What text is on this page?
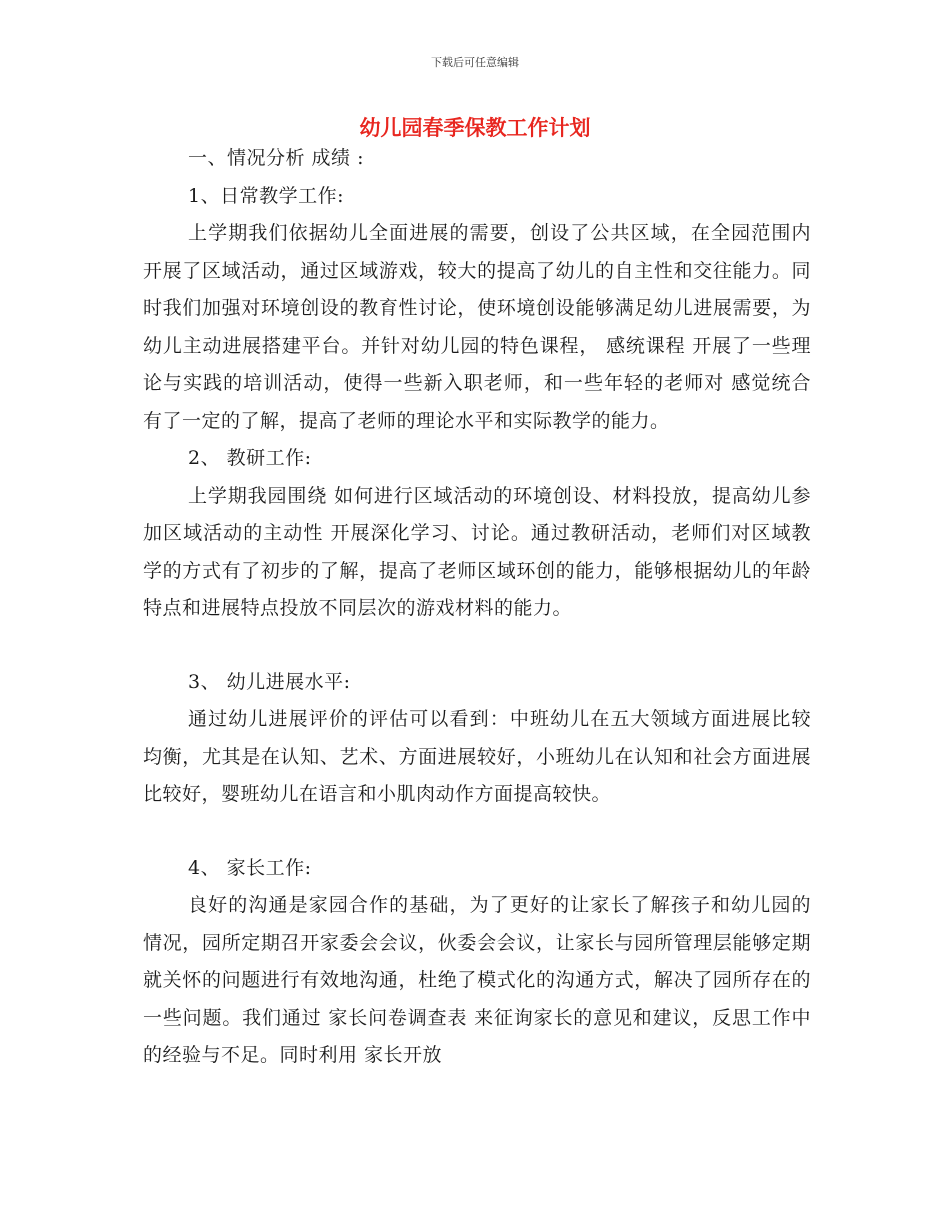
下载后可任意编辑
幼儿园春季保教工作计划

一、情况分析 成绩 :

1、日常教学工作:

上学期我们依据幼儿全面进展的需要，创设了公共区域，在全园范围内开展了区域活动，通过区域游戏，较大的提高了幼儿的自主性和交往能力。同时我们加强对环境创设的教育性讨论，使环境创设能够满足幼儿进展需要，为幼儿主动进展搭建平台。并针对幼儿园的特色课程， 感统课程 开展了一些理论与实践的培训活动，使得一些新入职老师，和一些年轻的老师对 感觉统合 有了一定的了解，提高了老师的理论水平和实际教学的能力。

2、 教研工作:

上学期我园围绕 如何进行区域活动的环境创设、材料投放，提高幼儿参加区域活动的主动性 开展深化学习、讨论。通过教研活动，老师们对区域教学的方式有了初步的了解，提高了老师区域环创的能力，能够根据幼儿的年龄特点和进展特点投放不同层次的游戏材料的能力。

3、 幼儿进展水平:

通过幼儿进展评价的评估可以看到：中班幼儿在五大领域方面进展比较均衡，尤其是在认知、艺术、方面进展较好，小班幼儿在认知和社会方面进展比较好，婴班幼儿在语言和小肌肉动作方面提高较快。

4、 家长工作:

良好的沟通是家园合作的基础，为了更好的让家长了解孩子和幼儿园的情况，园所定期召开家委会会议，伙委会会议，让家长与园所管理层能够定期就关怀的问题进行有效地沟通，杜绝了模式化的沟通方式，解决了园所存在的一些问题。我们通过 家长问卷调查表 来征询家长的意见和建议，反思工作中的经验与不足。同时利用 家长开放
